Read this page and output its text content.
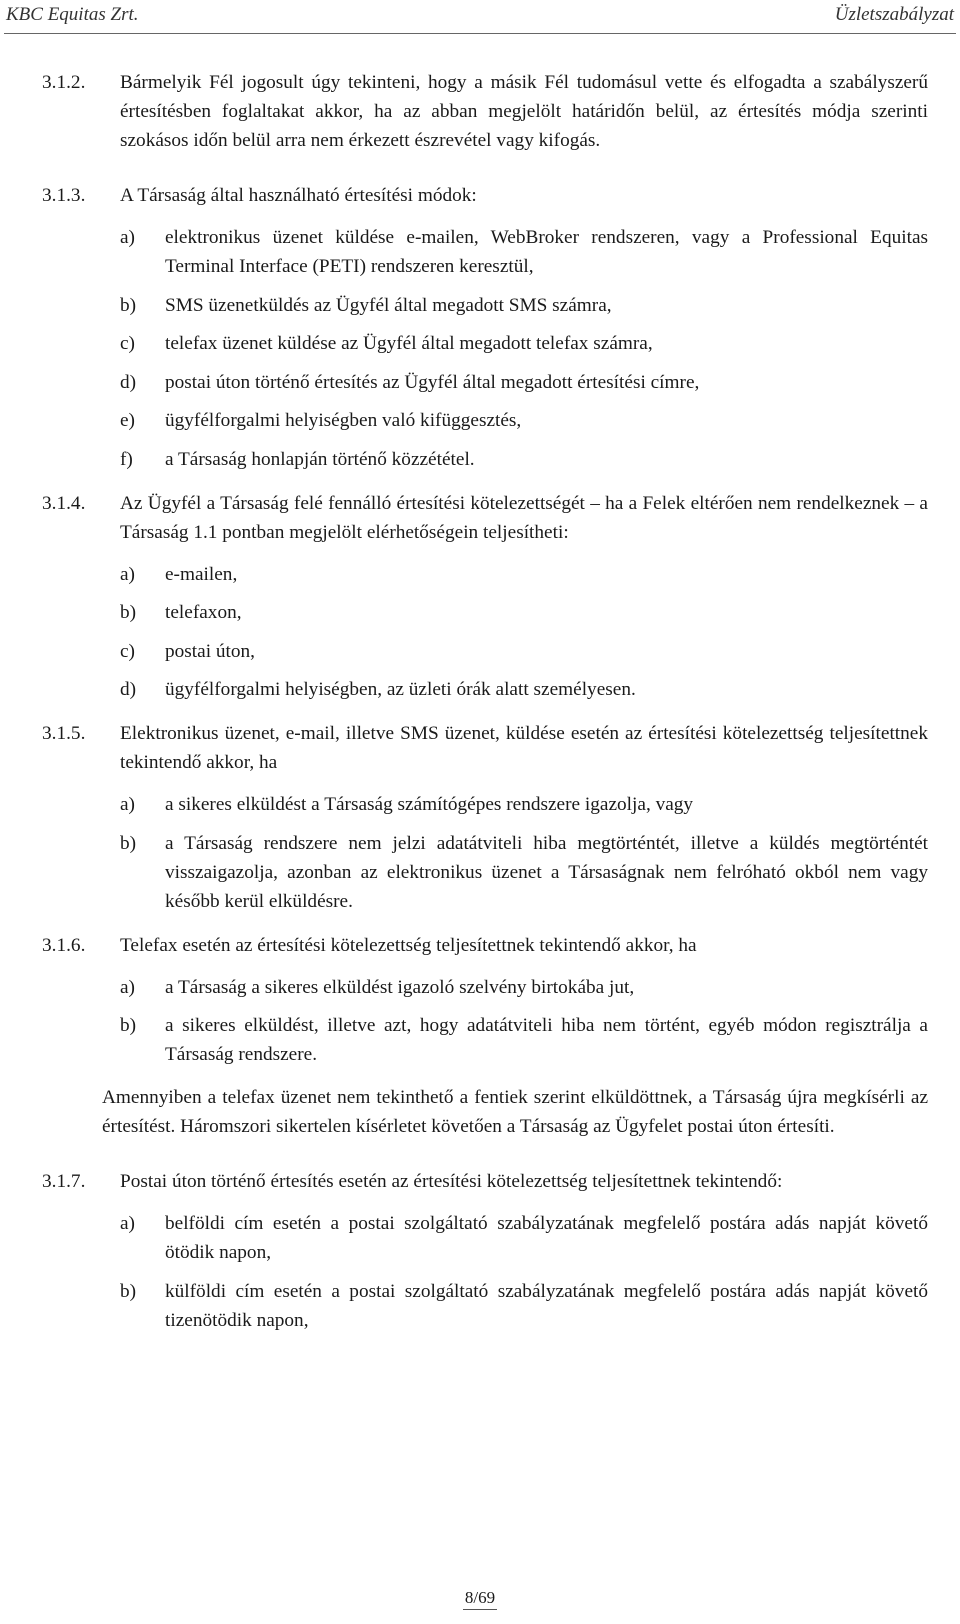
KBC Equitas Zrt.	Üzletszabályzat
3.1.2. Bármelyik Fél jogosult úgy tekinteni, hogy a másik Fél tudomásul vette és elfogadta a szabályszerű értesítésben foglaltakat akkor, ha az abban megjelölt határidőn belül, az értesítés módja szerinti szokásos időn belül arra nem érkezett észrevétel vagy kifogás.
3.1.3. A Társaság által használható értesítési módok:
a) elektronikus üzenet küldése e-mailen, WebBroker rendszeren, vagy a Professional Equitas Terminal Interface (PETI) rendszeren keresztül,
b) SMS üzenetküldés az Ügyfél által megadott SMS számra,
c) telefax üzenet küldése az Ügyfél által megadott telefax számra,
d) postai úton történő értesítés az Ügyfél által megadott értesítési címre,
e) ügyfélforgalmi helyiségben való kifüggesztés,
f) a Társaság honlapján történő közzététel.
3.1.4. Az Ügyfél a Társaság felé fennálló értesítési kötelezettségét – ha a Felek eltérően nem rendelkeznek – a Társaság 1.1 pontban megjelölt elérhetőségein teljesítheti:
a) e-mailen,
b) telefaxon,
c) postai úton,
d) ügyfélforgalmi helyiségben, az üzleti órák alatt személyesen.
3.1.5. Elektronikus üzenet, e-mail, illetve SMS üzenet, küldése esetén az értesítési kötelezettség teljesítettnek tekintendő akkor, ha
a) a sikeres elküldést a Társaság számítógépes rendszere igazolja, vagy
b) a Társaság rendszere nem jelzi adatátviteli hiba megtörténtét, illetve a küldés megtörténtét visszaigazolja, azonban az elektronikus üzenet a Társaságnak nem felróható okból nem vagy később kerül elküldésre.
3.1.6. Telefax esetén az értesítési kötelezettség teljesítettnek tekintendő akkor, ha
a) a Társaság a sikeres elküldést igazoló szelvény birtokába jut,
b) a sikeres elküldést, illetve azt, hogy adatátviteli hiba nem történt, egyéb módon regisztrálja a Társaság rendszere.
Amennyiben a telefax üzenet nem tekinthető a fentiek szerint elküldöttnek, a Társaság újra megkísérli az értesítést. Háromszori sikertelen kísérletet követően a Társaság az Ügyfelet postai úton értesíti.
3.1.7. Postai úton történő értesítés esetén az értesítési kötelezettség teljesítettnek tekintendő:
a) belföldi cím esetén a postai szolgáltató szabályzatának megfelelő postára adás napját követő ötödik napon,
b) külföldi cím esetén a postai szolgáltató szabályzatának megfelelő postára adás napját követő tizenötödik napon,
8/69
